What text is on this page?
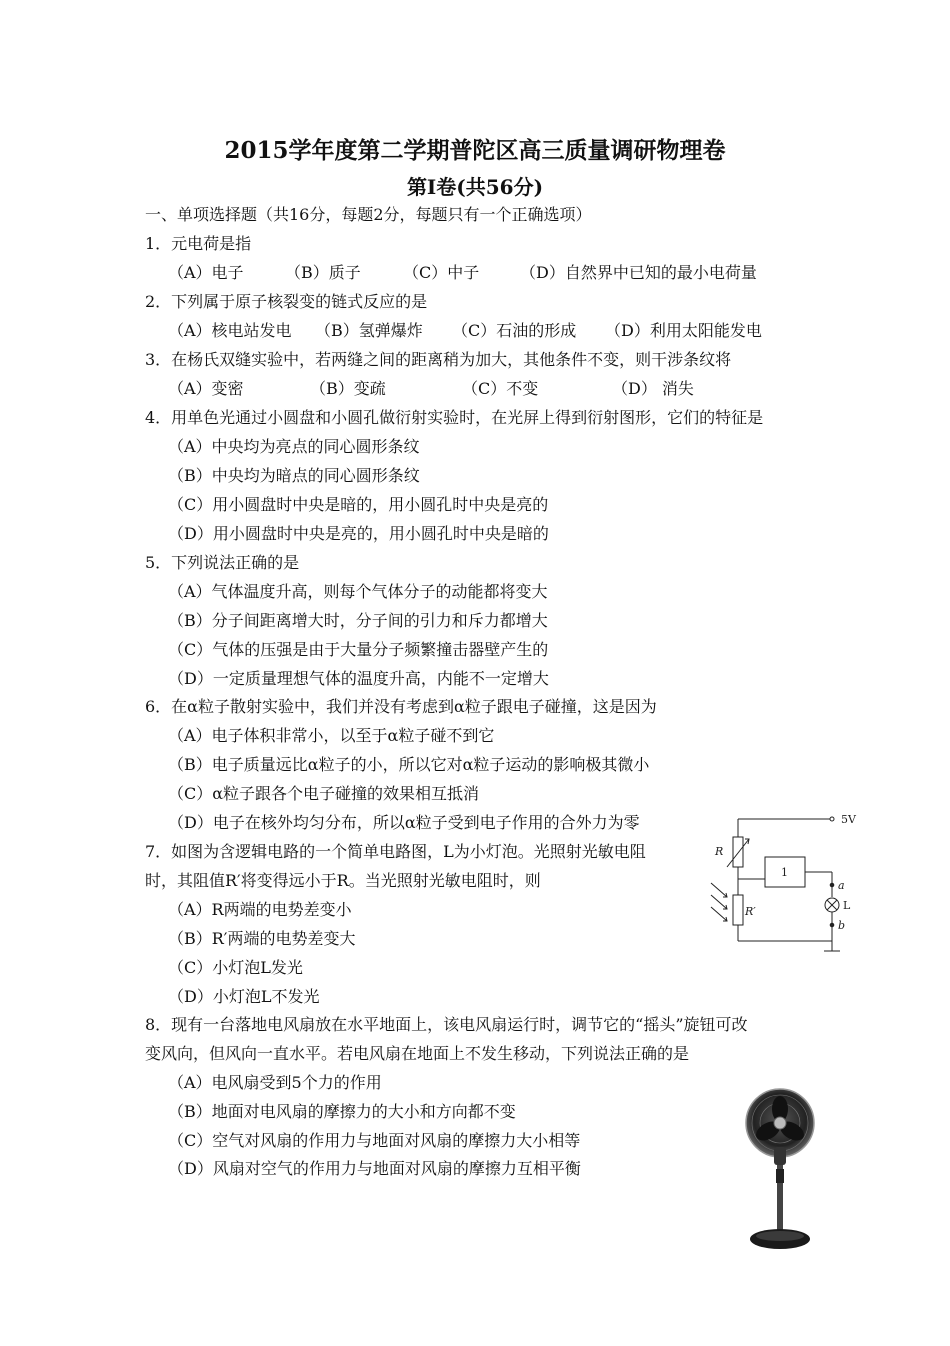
2015学年度第二学期普陀区高三质量调研物理卷
第Ⅰ卷(共56分)
一、单项选择题（共16分，每题2分，每题只有一个正确选项）
1．元电荷是指
（A）电子	（B）质子	（C）中子	（D）自然界中已知的最小电荷量
2．下列属于原子核裂变的链式反应的是
（A）核电站发电 （B）氢弹爆炸 （C）石油的形成 （D）利用太阳能发电
3．在杨氏双缝实验中，若两缝之间的距离稍为加大，其他条件不变，则干涉条纹将
（A）变密	（B）变疏	（C）不变	（D） 消失
4．用单色光通过小圆盘和小圆孔做衍射实验时，在光屏上得到衍射图形，它们的特征是
（A）中央均为亮点的同心圆形条纹
（B）中央均为暗点的同心圆形条纹
（C）用小圆盘时中央是暗的，用小圆孔时中央是亮的
（D）用小圆盘时中央是亮的，用小圆孔时中央是暗的
5．下列说法正确的是
（A）气体温度升高，则每个气体分子的动能都将变大
（B）分子间距离增大时，分子间的引力和斥力都增大
（C）气体的压强是由于大量分子频繁撞击器壁产生的
（D）一定质量理想气体的温度升高，内能不一定增大
6．在α粒子散射实验中，我们并没有考虑到α粒子跟电子碰撞，这是因为
（A）电子体积非常小，以至于α粒子碰不到它
（B）电子质量远比α粒子的小，所以它对α粒子运动的影响极其微小
（C）α粒子跟各个电子碰撞的效果相互抵消
（D）电子在核外均匀分布，所以α粒子受到电子作用的合外力为零
7．如图为含逻辑电路的一个简单电路图，L为小灯泡。光照射光敏电阻
时，其阻值R′将变得远小于R。当光照射光敏电阻时，则
（A）R两端的电势差变小
（B）R′两端的电势差变大
（C）小灯泡L发光
（D）小灯泡L不发光
8．现有一台落地电风扇放在水平地面上，该电风扇运行时，调节它的“摇头”旋钮可改
变风向，但风向一直水平。若电风扇在地面上不发生移动，下列说法正确的是
（A）电风扇受到5个力的作用
（B）地面对电风扇的摩擦力的大小和方向都不变
（C）空气对风扇的作用力与地面对风扇的摩擦力大小相等
（D）风扇对空气的作用力与地面对风扇的摩擦力互相平衡
5V
R
R′
1
a
L
b
